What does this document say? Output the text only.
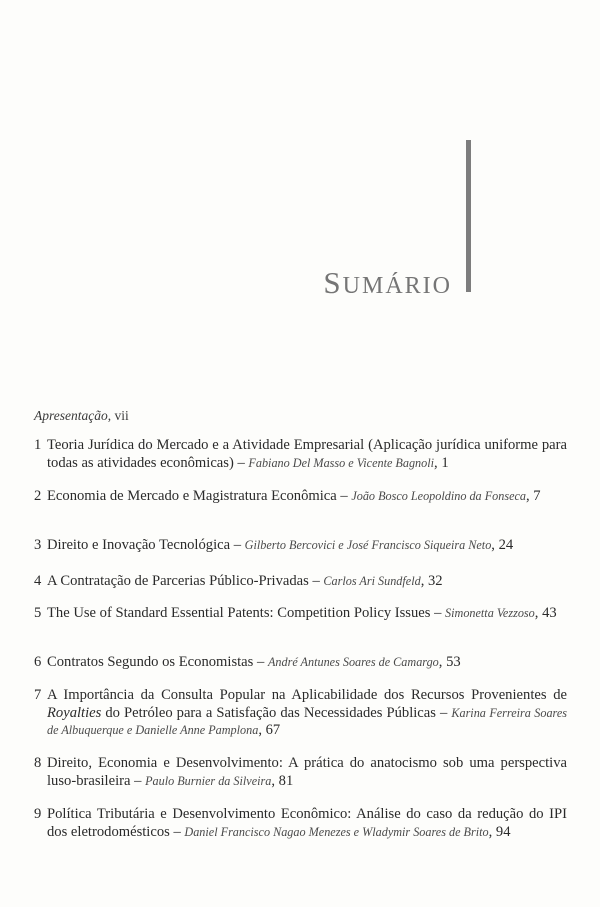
SUMÁRIO
Apresentação, vii
1 Teoria Jurídica do Mercado e a Atividade Empresarial (Aplicação jurídica uniforme para todas as atividades econômicas) – Fabiano Del Masso e Vicente Bagnoli, 1
2 Economia de Mercado e Magistratura Econômica – João Bosco Leopoldino da Fonseca, 7
3 Direito e Inovação Tecnológica – Gilberto Bercovici e José Francisco Siqueira Neto, 24
4 A Contratação de Parcerias Público-Privadas – Carlos Ari Sundfeld, 32
5 The Use of Standard Essential Patents: Competition Policy Issues – Simonetta Vezzoso, 43
6 Contratos Segundo os Economistas – André Antunes Soares de Camargo, 53
7 A Importância da Consulta Popular na Aplicabilidade dos Recursos Provenientes de Royalties do Petróleo para a Satisfação das Necessidades Públicas – Karina Ferreira Soares de Albuquerque e Danielle Anne Pamplona, 67
8 Direito, Economia e Desenvolvimento: A prática do anatocismo sob uma perspectiva luso-brasileira – Paulo Burnier da Silveira, 81
9 Política Tributária e Desenvolvimento Econômico: Análise do caso da redução do IPI dos eletrodomésticos – Daniel Francisco Nagao Menezes e Wladymir Soares de Brito, 94
